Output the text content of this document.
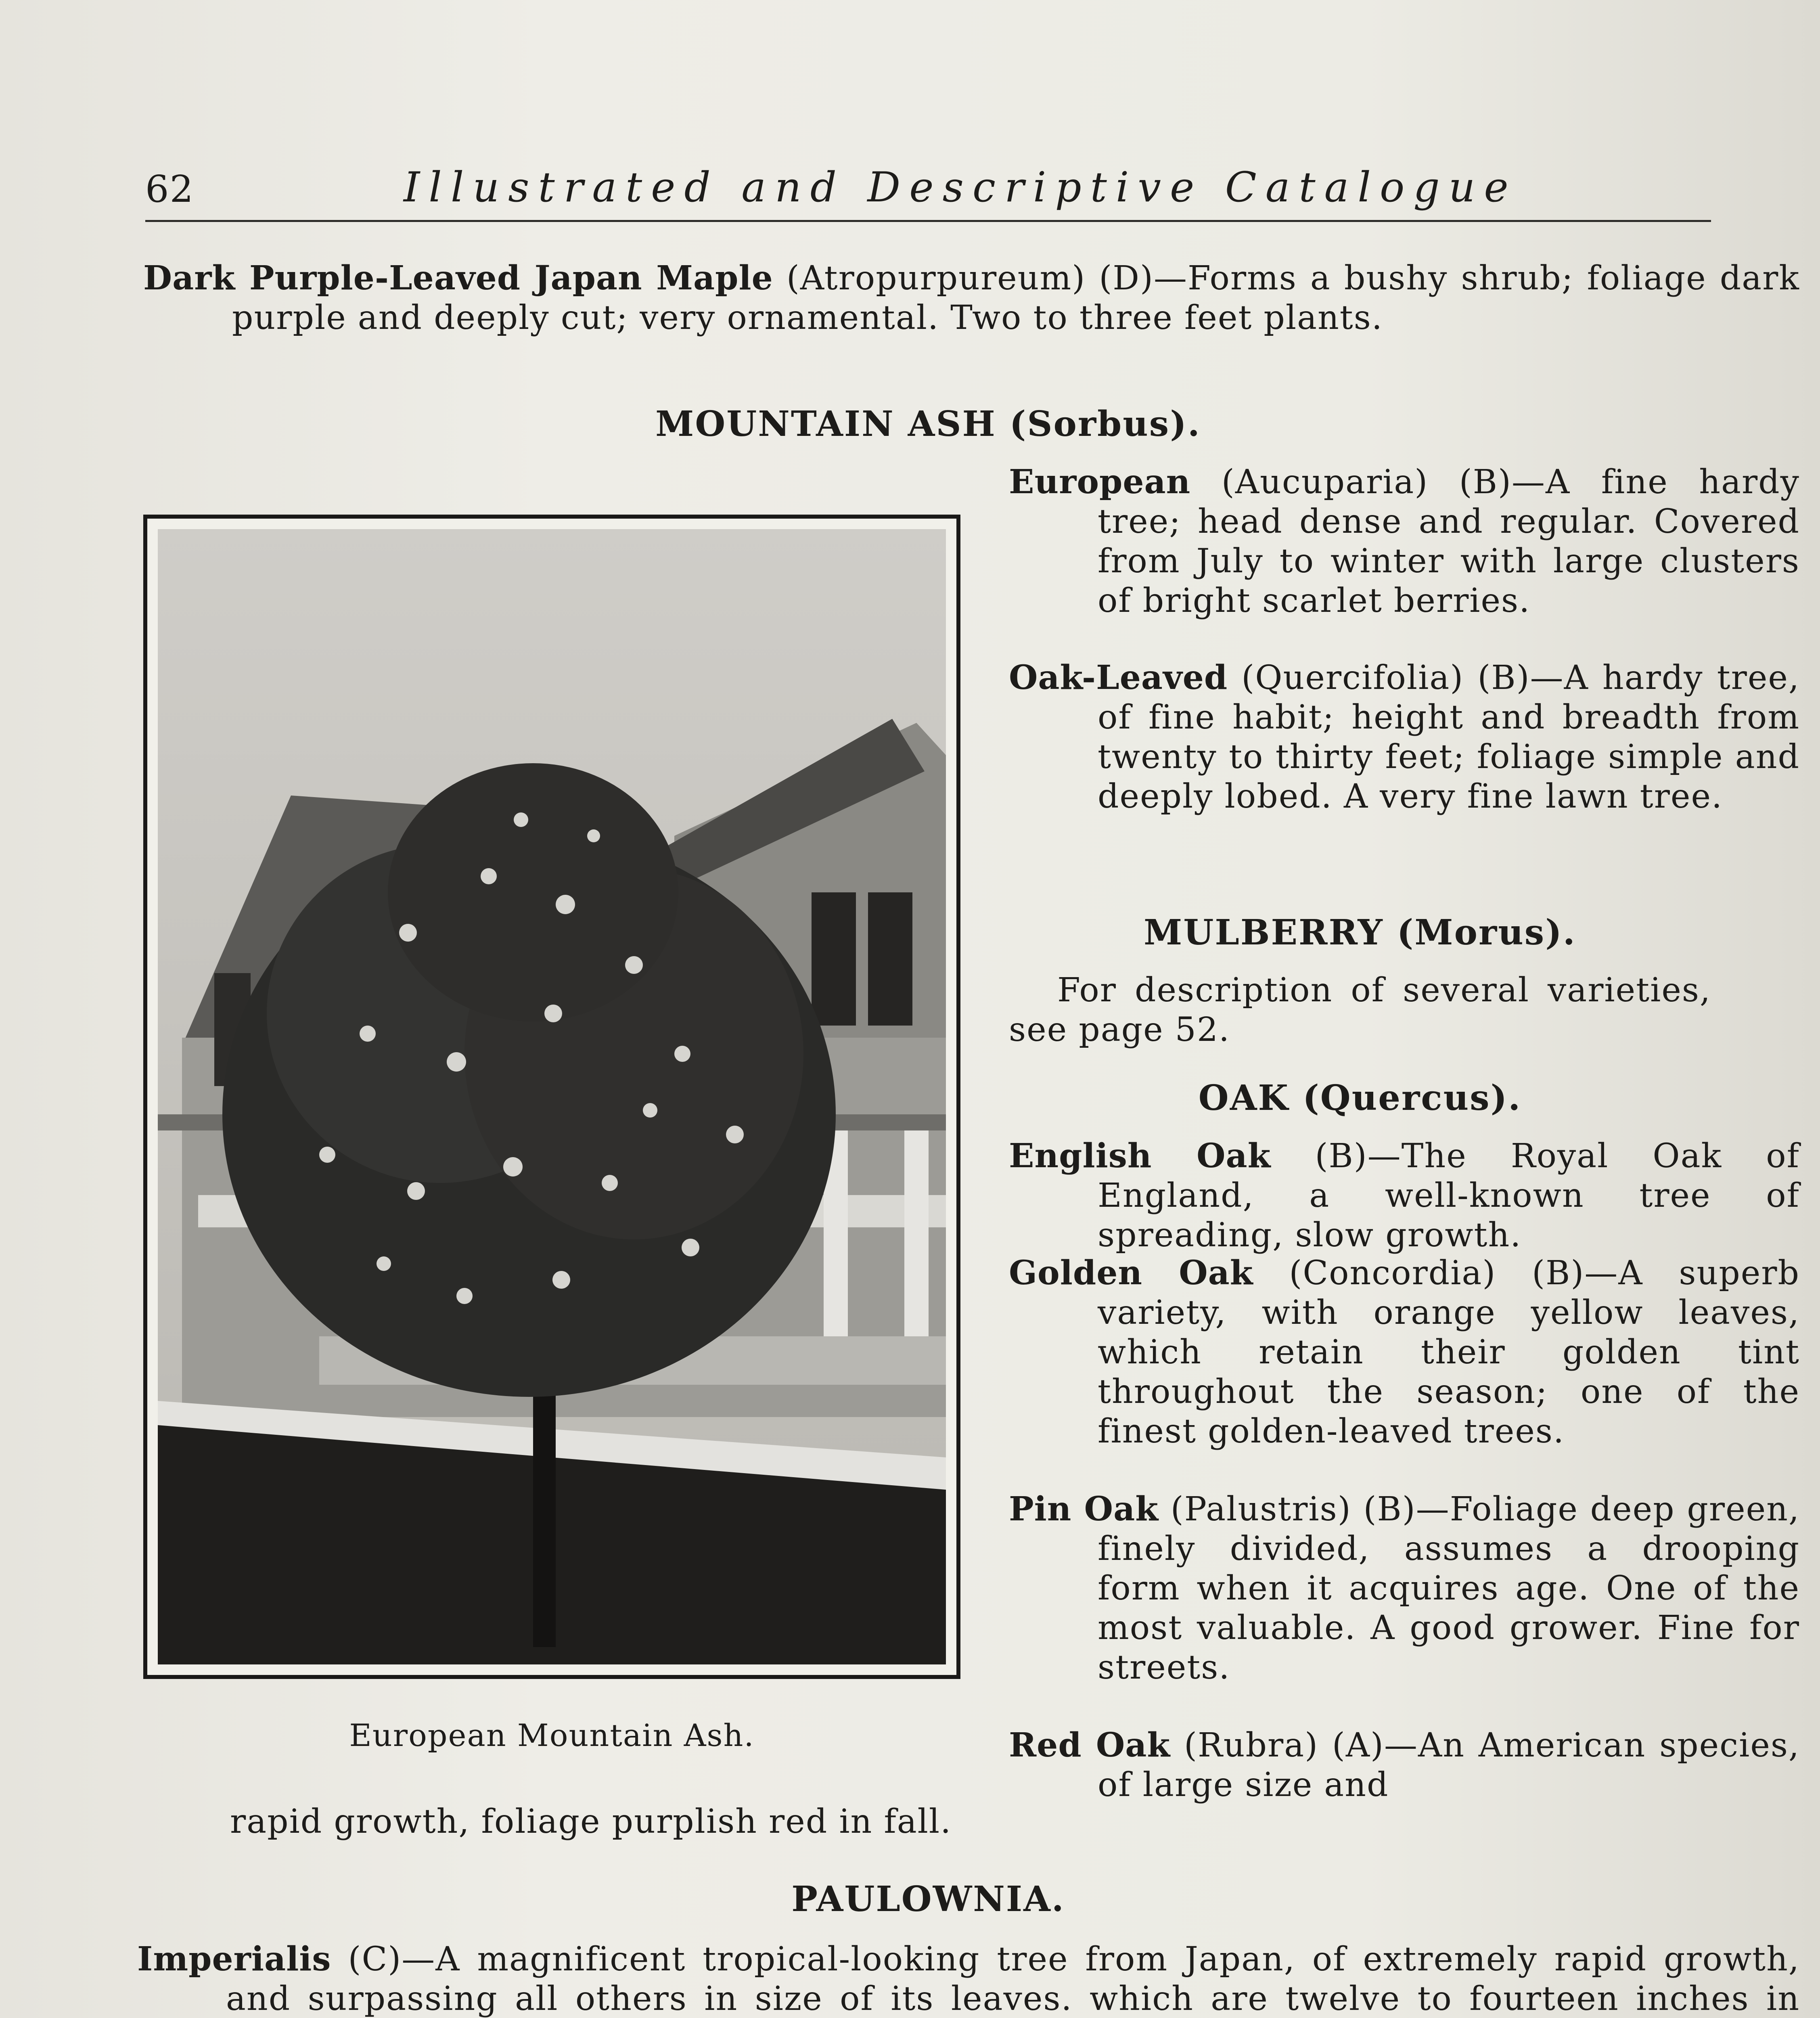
62	Illustrated and Descriptive Catalogue

Dark Purple-Leaved Japan Maple (Atropurpureum) (D)—Forms a bushy shrub; foliage dark purple and deeply cut; very ornamental. Two to three feet plants.

MOUNTAIN ASH (Sorbus).
European Mountain Ash.

European (Aucuparia) (B)—A fine hardy tree; head dense and regular. Covered from July to winter with large clusters of bright scarlet berries.

Oak-Leaved (Quercifolia) (B)—A hardy tree, of fine habit; height and breadth from twenty to thirty feet; foliage simple and deeply lobed. A very fine lawn tree.

MULBERRY (Morus).

For description of several varieties, see page 52.

OAK (Quercus).

English Oak (B)—The Royal Oak of England, a well-known tree of spreading, slow growth.

Golden Oak (Concordia) (B)—A superb variety, with orange yellow leaves, which retain their golden tint throughout the season; one of the finest golden-leaved trees.

Pin Oak (Palustris) (B)—Foliage deep green, finely divided, assumes a drooping form when it acquires age. One of the most valuable. A good grower. Fine for streets.

Red Oak (Rubra) (A)—An American species, of large size and

rapid growth, foliage purplish red in fall.

PAULOWNIA.

Imperialis (C)—A magnificent tropical-looking tree from Japan, of extremely rapid growth, and surpassing all others in size of its leaves. which are twelve to fourteen inches in
